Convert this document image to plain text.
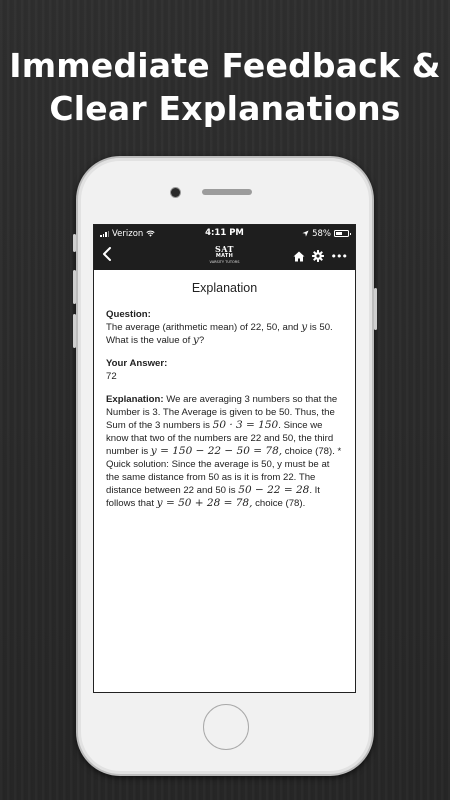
Immediate Feedback &
Clear Explanations
Verizon	4:11 PM	58%
SAT
MATH
VARSITY TUTORS	•••
Explanation
Question:
The average (arithmetic mean) of 22, 50, and y is 50. What is the value of y?
Your Answer:
72
Explanation: We are averaging 3 numbers so that the Number is 3. The Average is given to be 50. Thus, the Sum of the 3 numbers is 50 · 3 = 150. Since we know that two of the numbers are 22 and 50, the third number is y = 150 − 22 − 50 = 78, choice (78). * Quick solution: Since the average is 50, y must be at the same distance from 50 as is it is from 22. The distance between 22 and 50 is 50 − 22 = 28. It follows that y = 50 + 28 = 78, choice (78).
